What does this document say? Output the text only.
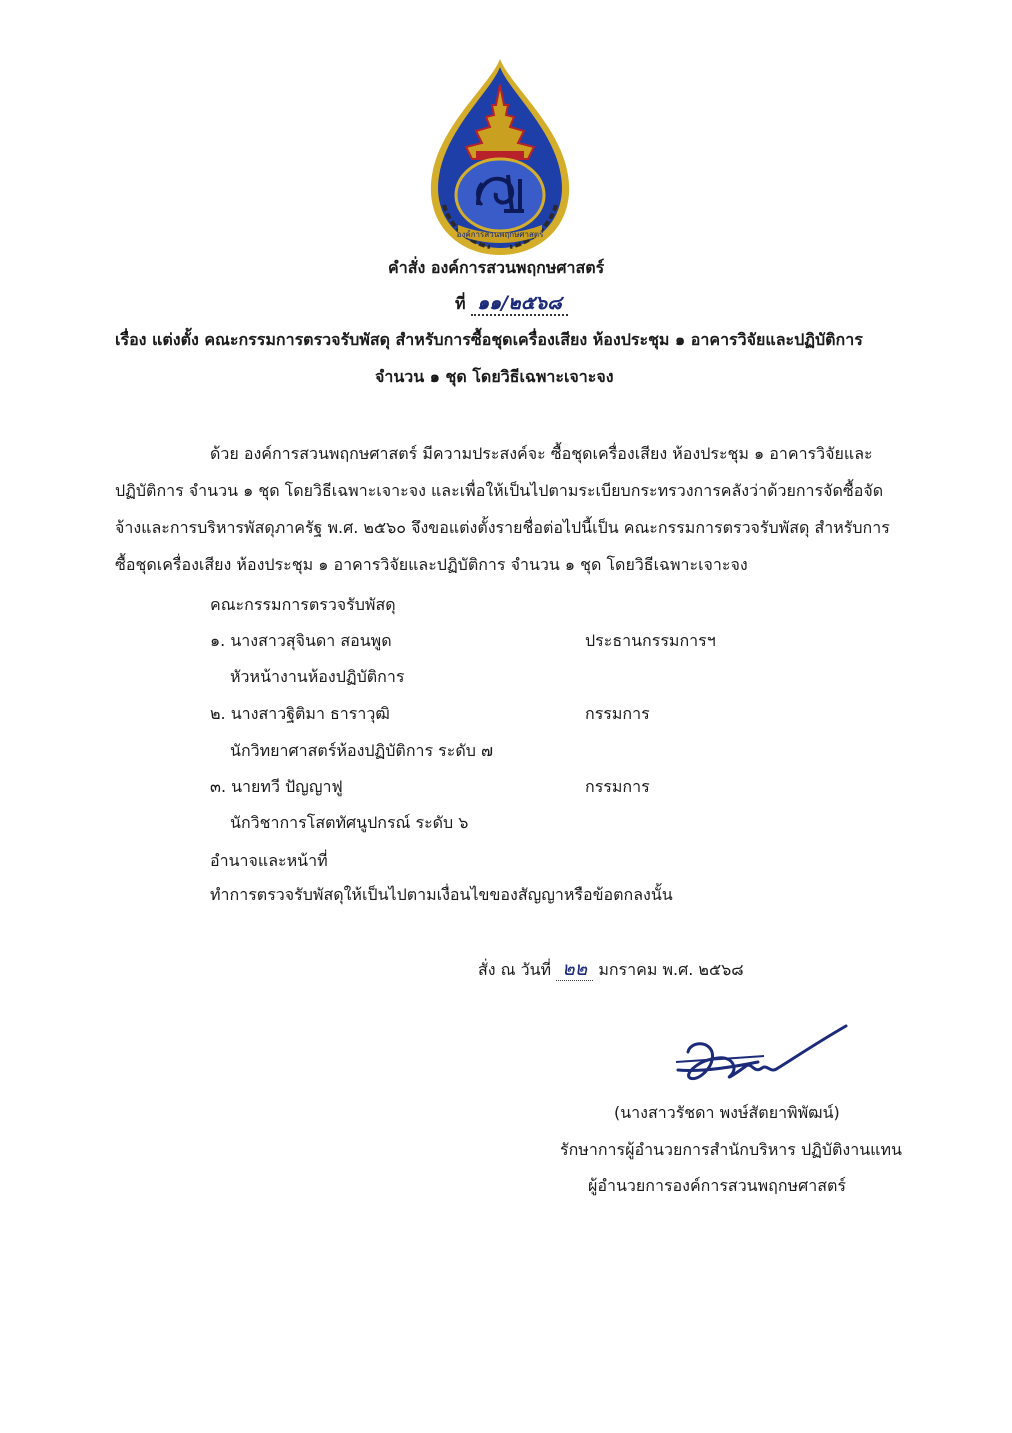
องค์การสวนพฤกษศาสตร์
คำสั่ง องค์การสวนพฤกษศาสตร์
ที่ ๑๑/๒๕๖๘
เรื่อง แต่งตั้ง คณะกรรมการตรวจรับพัสดุ สำหรับการซื้อชุดเครื่องเสียง ห้องประชุม ๑ อาคารวิจัยและปฏิบัติการ
จำนวน ๑ ชุด โดยวิธีเฉพาะเจาะจง
ด้วย องค์การสวนพฤกษศาสตร์ มีความประสงค์จะ ซื้อชุดเครื่องเสียง ห้องประชุม ๑ อาคารวิจัยและ
ปฏิบัติการ จำนวน ๑ ชุด โดยวิธีเฉพาะเจาะจง และเพื่อให้เป็นไปตามระเบียบกระทรวงการคลังว่าด้วยการจัดซื้อจัด
จ้างและการบริหารพัสดุภาครัฐ พ.ศ. ๒๕๖๐ จึงขอแต่งตั้งรายชื่อต่อไปนี้เป็น คณะกรรมการตรวจรับพัสดุ สำหรับการ
ซื้อชุดเครื่องเสียง ห้องประชุม ๑ อาคารวิจัยและปฏิบัติการ จำนวน ๑ ชุด โดยวิธีเฉพาะเจาะจง
คณะกรรมการตรวจรับพัสดุ
๑. นางสาวสุจินดา สอนพูด	ประธานกรรมการฯ
หัวหน้างานห้องปฏิบัติการ
๒. นางสาวฐิติมา ธาราวุฒิ	กรรมการ
นักวิทยาศาสตร์ห้องปฏิบัติการ ระดับ ๗
๓. นายทวี ปัญญาฟู	กรรมการ
นักวิชาการโสตทัศนูปกรณ์ ระดับ ๖
อำนาจและหน้าที่
ทำการตรวจรับพัสดุให้เป็นไปตามเงื่อนไขของสัญญาหรือข้อตกลงนั้น
สั่ง ณ วันที่ ๒๒ มกราคม พ.ศ. ๒๕๖๘
(นางสาวรัชดา พงษ์สัตยาพิพัฒน์)
รักษาการผู้อำนวยการสำนักบริหาร ปฏิบัติงานแทน
ผู้อำนวยการองค์การสวนพฤกษศาสตร์
